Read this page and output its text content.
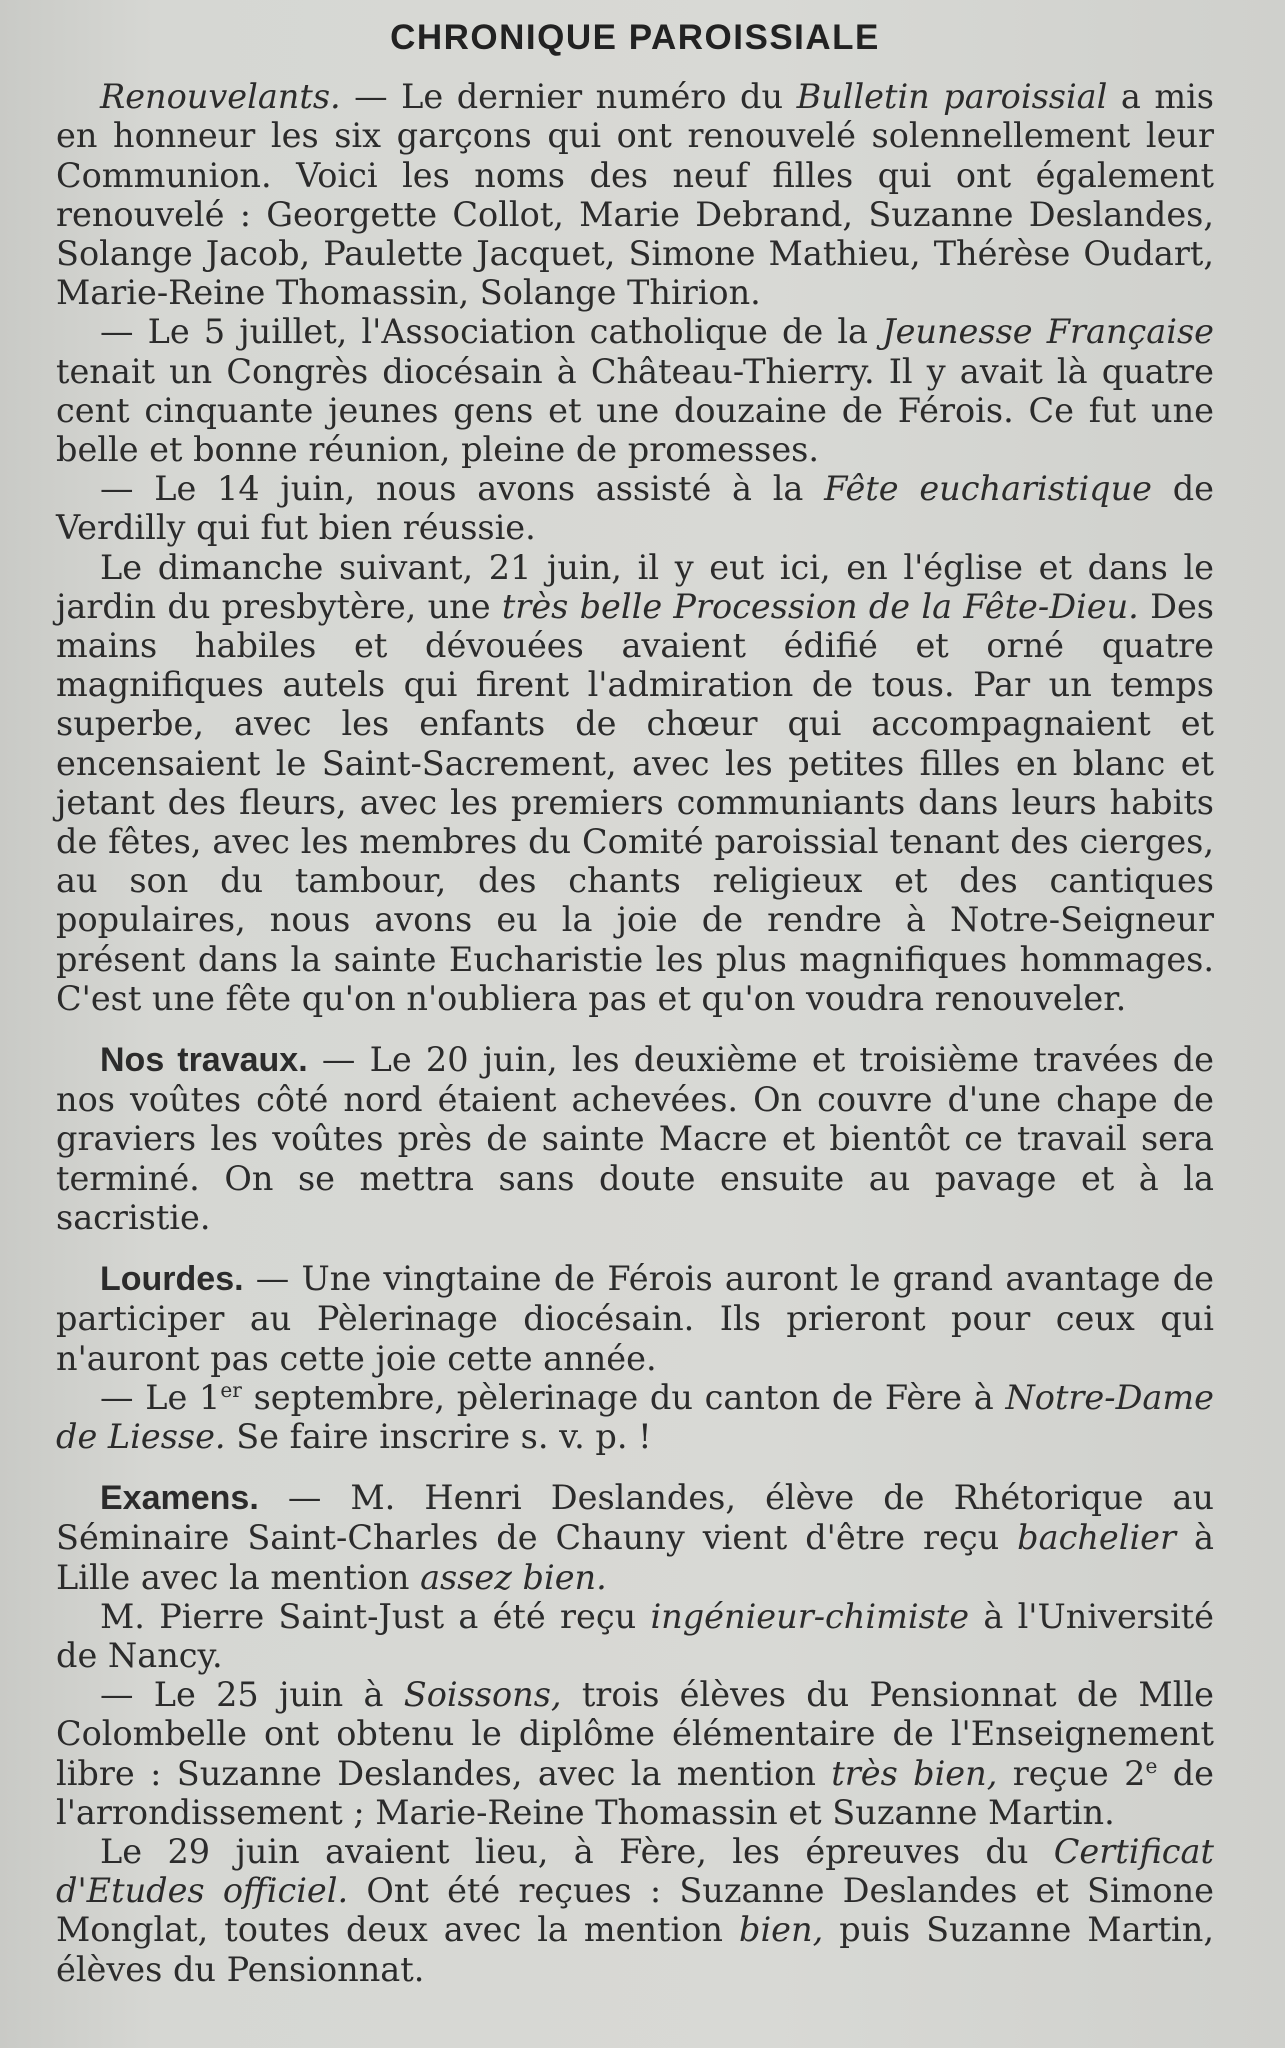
CHRONIQUE PAROISSIALE

Renouvelants. — Le dernier numéro du Bulletin paroissial a mis en honneur les six garçons qui ont renouvelé solennellement leur Communion. Voici les noms des neuf filles qui ont également renouvelé : Georgette Collot, Marie Debrand, Suzanne Deslandes, Solange Jacob, Paulette Jacquet, Simone Mathieu, Thérèse Oudart, Marie-Reine Thomassin, Solange Thirion.

— Le 5 juillet, l'Association catholique de la Jeunesse Française tenait un Congrès diocésain à Château-Thierry. Il y avait là quatre cent cinquante jeunes gens et une douzaine de Férois. Ce fut une belle et bonne réunion, pleine de promesses.

— Le 14 juin, nous avons assisté à la Fête eucharistique de Verdilly qui fut bien réussie.

Le dimanche suivant, 21 juin, il y eut ici, en l'église et dans le jardin du presbytère, une très belle Procession de la Fête-Dieu. Des mains habiles et dévouées avaient édifié et orné quatre magnifiques autels qui firent l'admiration de tous. Par un temps superbe, avec les enfants de chœur qui accompagnaient et encensaient le Saint-Sacrement, avec les petites filles en blanc et jetant des fleurs, avec les premiers communiants dans leurs habits de fêtes, avec les membres du Comité paroissial tenant des cierges, au son du tambour, des chants religieux et des cantiques populaires, nous avons eu la joie de rendre à Notre-Seigneur présent dans la sainte Eucharistie les plus magnifiques hommages. C'est une fête qu'on n'oubliera pas et qu'on voudra renouveler.

Nos travaux. — Le 20 juin, les deuxième et troisième travées de nos voûtes côté nord étaient achevées. On couvre d'une chape de graviers les voûtes près de sainte Macre et bientôt ce travail sera terminé. On se mettra sans doute ensuite au pavage et à la sacristie.

Lourdes. — Une vingtaine de Férois auront le grand avantage de participer au Pèlerinage diocésain. Ils prieront pour ceux qui n'auront pas cette joie cette année.

— Le 1er septembre, pèlerinage du canton de Fère à Notre-Dame de Liesse. Se faire inscrire s. v. p. !

Examens. — M. Henri Deslandes, élève de Rhétorique au Séminaire Saint-Charles de Chauny vient d'être reçu bachelier à Lille avec la mention assez bien.

M. Pierre Saint-Just a été reçu ingénieur-chimiste à l'Université de Nancy.

— Le 25 juin à Soissons, trois élèves du Pensionnat de Mlle Colombelle ont obtenu le diplôme élémentaire de l'Enseignement libre : Suzanne Deslandes, avec la mention très bien, reçue 2e de l'arrondissement ; Marie-Reine Thomassin et Suzanne Martin.

Le 29 juin avaient lieu, à Fère, les épreuves du Certificat d'Etudes officiel. Ont été reçues : Suzanne Deslandes et Simone Monglat, toutes deux avec la mention bien, puis Suzanne Martin, élèves du Pensionnat.
